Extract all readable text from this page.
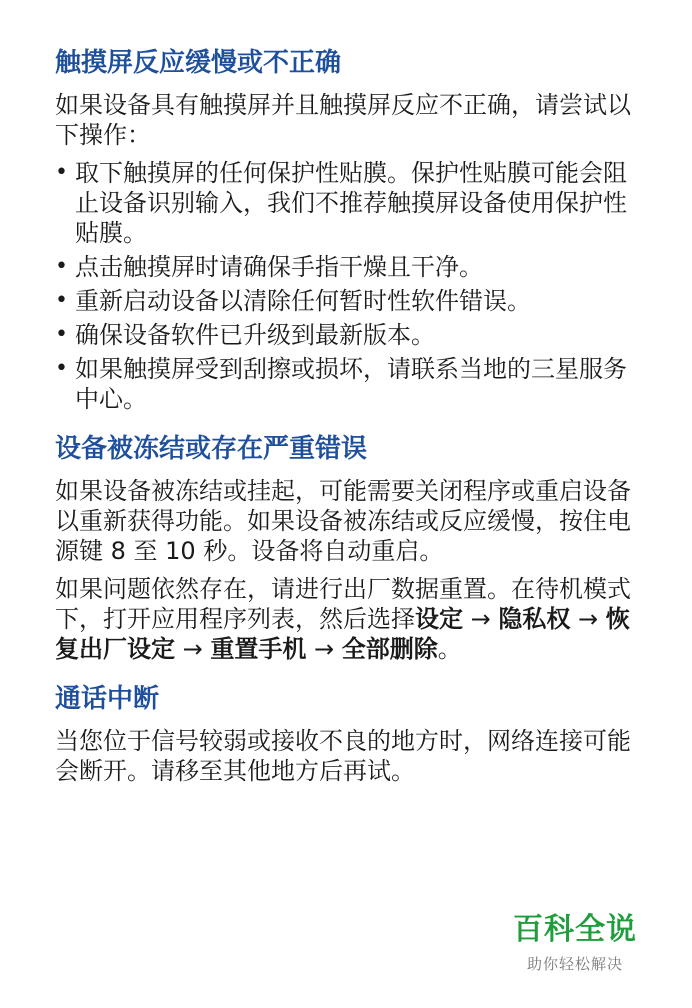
触摸屏反应缓慢或不正确
如果设备具有触摸屏并且触摸屏反应不正确，请尝试以下操作：
• 取下触摸屏的任何保护性贴膜。保护性贴膜可能会阻止设备识别输入，我们不推荐触摸屏设备使用保护性贴膜。
• 点击触摸屏时请确保手指干燥且干净。
• 重新启动设备以清除任何暂时性软件错误。
• 确保设备软件已升级到最新版本。
• 如果触摸屏受到刮擦或损坏，请联系当地的三星服务中心。
设备被冻结或存在严重错误
如果设备被冻结或挂起，可能需要关闭程序或重启设备以重新获得功能。如果设备被冻结或反应缓慢，按住电源键 8 至 10 秒。设备将自动重启。
如果问题依然存在，请进行出厂数据重置。在待机模式下，打开应用程序列表，然后选择设定 → 隐私权 → 恢复出厂设定 → 重置手机 → 全部删除。
通话中断
当您位于信号较弱或接收不良的地方时，网络连接可能会断开。请移至其他地方后再试。
百科全说
助你轻松解决
